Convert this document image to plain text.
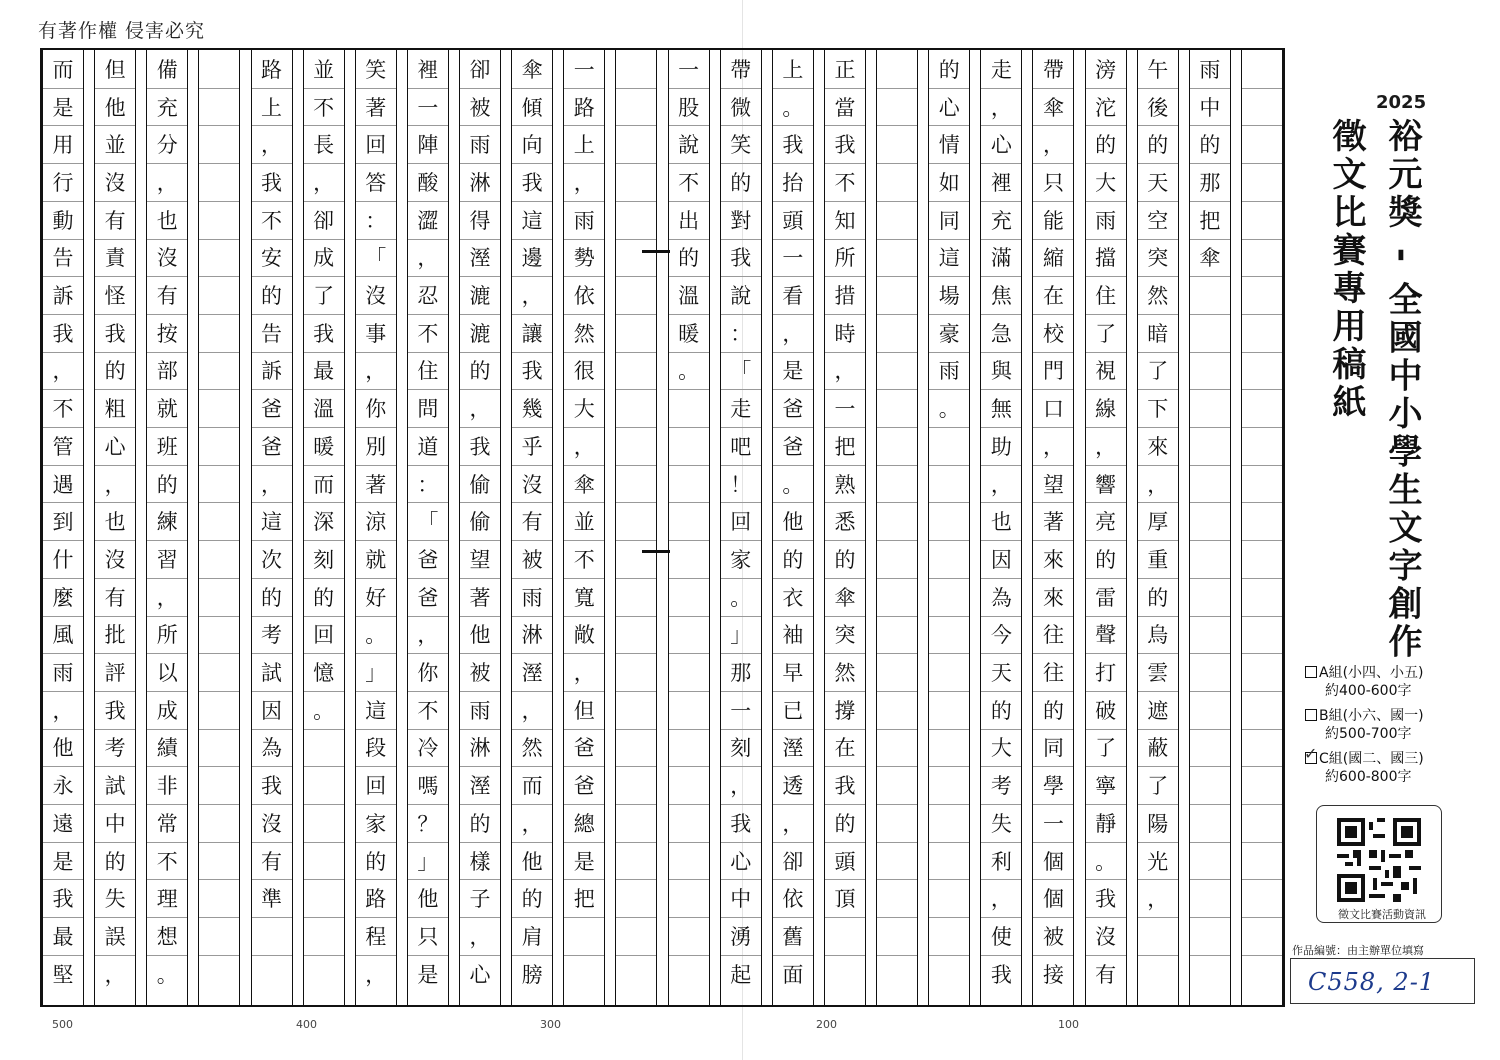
有著作權 侵害必究
雨
中
的
那
把
傘
午
後
的
天
空
突
然
暗
了
下
來
，
厚
重
的
烏
雲
遮
蔽
了
陽
光
，
滂
沱
的
大
雨
擋
住
了
視
線
，
響
亮
的
雷
聲
打
破
了
寧
靜
。
我
沒
有
帶
傘
，
只
能
縮
在
校
門
口
，
望
著
來
來
往
往
的
同
學
一
個
個
被
接
走
，
心
裡
充
滿
焦
急
與
無
助
，
也
因
為
今
天
的
大
考
失
利
，
使
我
的
心
情
如
同
這
場
豪
雨
。
正
當
我
不
知
所
措
時
，
一
把
熟
悉
的
傘
突
然
撐
在
我
的
頭
頂
上
。
我
抬
頭
一
看
，
是
爸
爸
。
他
的
衣
袖
早
已
溼
透
，
卻
依
舊
面
帶
微
笑
的
對
我
說
：
「
走
吧
！
回
家
。
」
那
一
刻
，
我
心
中
湧
起
一
股
說
不
出
的
溫
暖
。
一
路
上
，
雨
勢
依
然
很
大
，
傘
並
不
寬
敞
，
但
爸
爸
總
是
把
傘
傾
向
我
這
邊
，
讓
我
幾
乎
沒
有
被
雨
淋
溼
，
然
而
，
他
的
肩
膀
卻
被
雨
淋
得
溼
漉
漉
的
，
我
偷
偷
望
著
他
被
雨
淋
溼
的
樣
子
，
心
裡
一
陣
酸
澀
，
忍
不
住
問
道
：
「
爸
爸
，
你
不
冷
嗎
？
」
他
只
是
笑
著
回
答
：
「
沒
事
，
你
別
著
涼
就
好
。
」
這
段
回
家
的
路
程
，
並
不
長
，
卻
成
了
我
最
溫
暖
而
深
刻
的
回
憶
。
路
上
，
我
不
安
的
告
訴
爸
爸
，
這
次
的
考
試
因
為
我
沒
有
準
備
充
分
，
也
沒
有
按
部
就
班
的
練
習
，
所
以
成
績
非
常
不
理
想
。
但
他
並
沒
有
責
怪
我
的
粗
心
，
也
沒
有
批
評
我
考
試
中
的
失
誤
，
而
是
用
行
動
告
訴
我
，
不
管
遇
到
什
麼
風
雨
，
他
永
遠
是
我
最
堅
500	400	300	200	100
2025
裕元獎 - 全國中小學生文字創作
徵文比賽專用稿紙
A組(小四、小五)
約400-600字
B組(小六、國一)
約500-700字
✓ C組(國二、國三)
約600-800字
徵文比賽活動資訊
作品編號：由主辦單位填寫
C558, 2-1
